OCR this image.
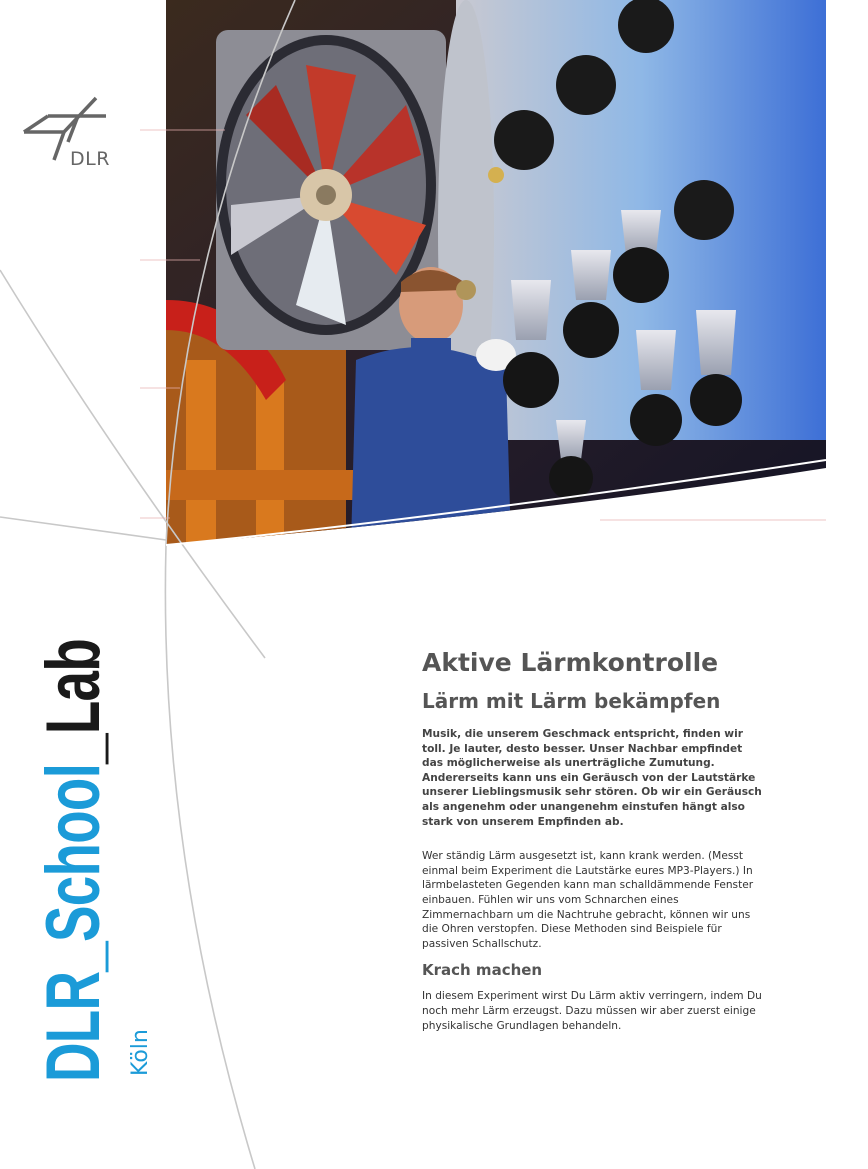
© DLR, G. Schmalz, F. R. Dittmann
DLR
DLR_School_Lab
Köln
Aktive Lärmkontrolle
Lärm mit Lärm bekämpfen

Musik, die unserem Geschmack entspricht, finden wir toll. Je lauter, desto besser. Unser Nachbar empfindet das möglicherweise als unerträgliche Zumutung. Andererseits kann uns ein Geräusch von der Lautstärke unserer Lieblingsmusik sehr stören. Ob wir ein Geräusch als angenehm oder unangenehm einstufen hängt also stark von unserem Empfinden ab.

Wer ständig Lärm ausgesetzt ist, kann krank werden. (Messt einmal beim Experiment die Lautstärke eures MP3-Players.) In lärmbelasteten Gegenden kann man schalldämmende Fenster einbauen. Fühlen wir uns vom Schnarchen eines Zimmernachbarn um die Nachtruhe gebracht, können wir uns die Ohren verstopfen. Diese Methoden sind Beispiele für passiven Schallschutz.

Krach machen

In diesem Experiment wirst Du Lärm aktiv verringern, indem Du noch mehr Lärm erzeugst. Dazu müssen wir aber zuerst einige physikalische Grundlagen behandeln.
